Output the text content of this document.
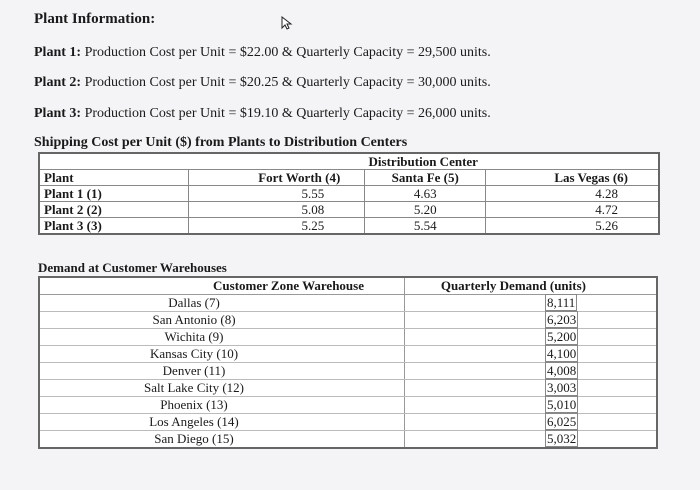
Plant Information:
Plant 1: Production Cost per Unit = $22.00 & Quarterly Capacity = 29,500 units.
Plant 2: Production Cost per Unit = $20.25 & Quarterly Capacity = 30,000 units.
Plant 3: Production Cost per Unit = $19.10 & Quarterly Capacity = 26,000 units.
Shipping Cost per Unit ($) from Plants to Distribution Centers
	Distribution Center		
Plant	Fort Worth (4)	Santa Fe (5)	Las Vegas (6)
Plant 1 (1)	5.55	4.63	4.28
Plant 2 (2)	5.08	5.20	4.72
Plant 3 (3)	5.25	5.54	5.26
Demand at Customer Warehouses
Customer Zone Warehouse	Quarterly Demand (units)
Dallas (7)	8,111
San Antonio (8)	6,203
Wichita (9)	5,200
Kansas City (10)	4,100
Denver (11)	4,008
Salt Lake City (12)	3,003
Phoenix (13)	5,010
Los Angeles (14)	6,025
San Diego (15)	5,032
